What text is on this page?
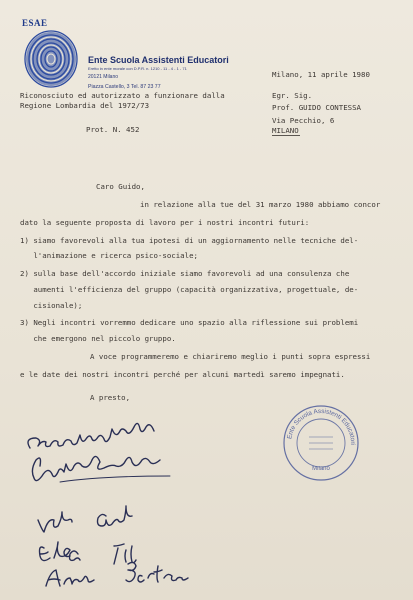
ESAE
Ente Scuola Assistenti Educatori
Eretto in ente morale con D.P.R. n. 1210 - 11 - 4 - 1 - 71
20121 Milano
Piazza Castello, 3 Tel. 87 23 77
Riconosciuto ed autorizzato a funzionare dalla
Regione Lombardia del 1972/73
Prot. N. 452
Milano, 11 aprile 1980
Egr. Sig.
Prof. GUIDO CONTESSA
Via Pecchio, 6
MILANO
Caro Guido,
in relazione alla tue del 31 marzo 1980 abbiamo concor
dato la seguente proposta di lavoro per i nostri incontri futuri:
1) siamo favorevoli alla tua ipotesi di un aggiornamento nelle tecniche del-
l'animazione e ricerca psico-sociale;
2) sulla base dell'accordo iniziale siamo favorevoli ad una consulenza che
aumenti l'efficienza del gruppo (capacità organizzativa, progettuale, de-
cisionale);
3) Negli incontri vorremmo dedicare uno spazio alla riflessione sui problemi
che emergono nel piccolo gruppo.
A voce programmeremo e chiariremo meglio i punti sopra espressi
e le date dei nostri incontri perché per alcuni martedì saremo impegnati.
A presto,
Ente Scuola Assistenti Educatori
Milano
